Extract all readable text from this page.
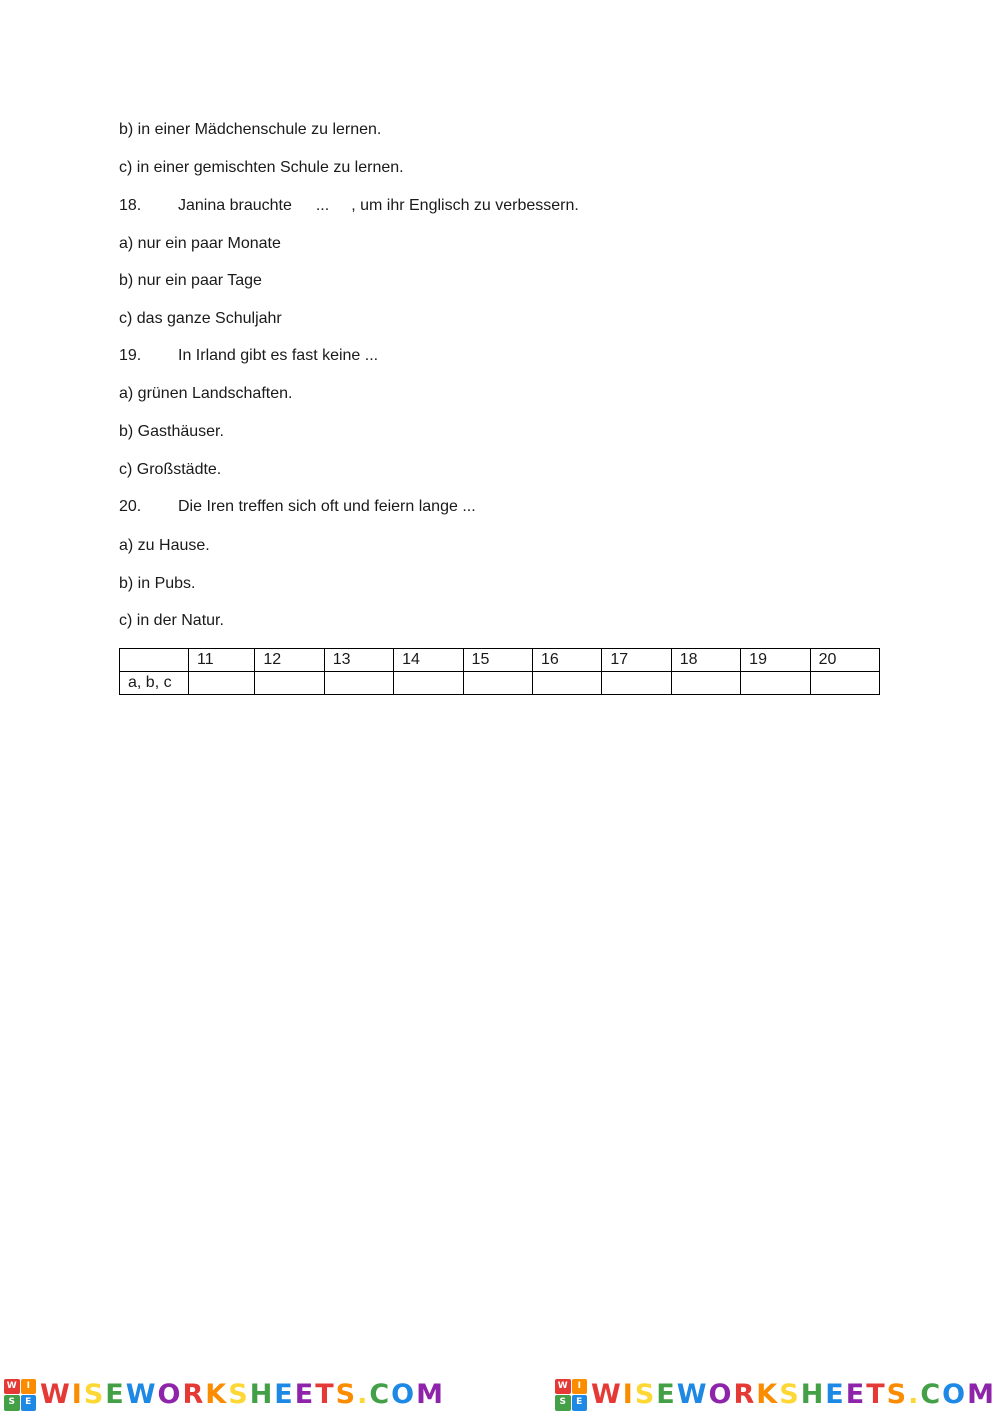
b) in einer Mädchenschule zu lernen.
c) in einer gemischten Schule zu lernen.
18. Janina brauchte ... , um ihr Englisch zu verbessern.
a) nur ein paar Monate
b) nur ein paar Tage
c) das ganze Schuljahr
19. In Irland gibt es fast keine ...
a) grünen Landschaften.
b) Gasthäuser.
c) Großstädte.
20. Die Iren treffen sich oft und feiern lange ...
a) zu Hause.
b) in Pubs.
c) in der Natur.
	11	12	13	14	15	16	17	18	19	20
a, b, c										
W	I
S	E WISEWORKSHEETS.COM	W	I
S	E WISEWORKSHEETS.COM
